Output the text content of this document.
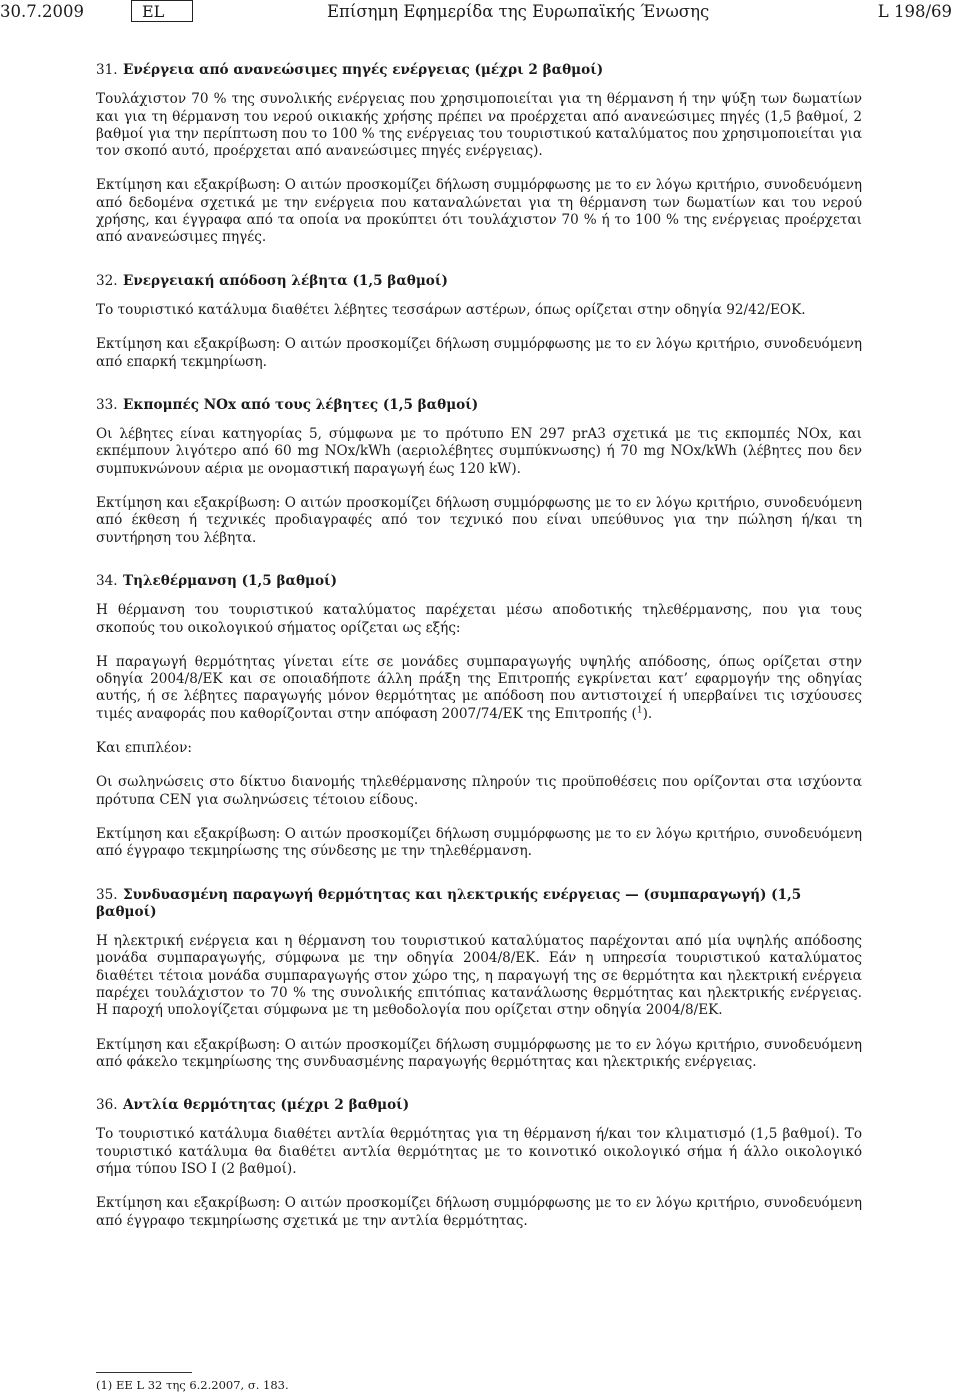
30.7.2009	EL	Επίσημη Εφημερίδα της Ευρωπαϊκής Ένωσης	L 198/69
31. Ενέργεια από ανανεώσιμες πηγές ενέργειας (μέχρι 2 βαθμοί)

Τουλάχιστον 70 % της συνολικής ενέργειας που χρησιμοποιείται για τη θέρμανση ή την ψύξη των δωματίων και για τη θέρμανση του νερού οικιακής χρήσης πρέπει να προέρχεται από ανανεώσιμες πηγές (1,5 βαθμοί, 2 βαθμοί για την περίπτωση που το 100 % της ενέργειας του τουριστικού καταλύματος που χρησιμοποιείται για τον σκοπό αυτό, προέρχεται από ανανεώσιμες πηγές ενέργειας).

Εκτίμηση και εξακρίβωση: Ο αιτών προσκομίζει δήλωση συμμόρφωσης με το εν λόγω κριτήριο, συνοδευόμενη από δεδομένα σχετικά με την ενέργεια που καταναλώνεται για τη θέρμανση των δωματίων και του νερού χρήσης, και έγγραφα από τα οποία να προκύπτει ότι τουλάχιστον 70 % ή το 100 % της ενέργειας προέρχεται από ανανεώσιμες πηγές.

32. Ενεργειακή απόδοση λέβητα (1,5 βαθμοί)

Το τουριστικό κατάλυμα διαθέτει λέβητες τεσσάρων αστέρων, όπως ορίζεται στην οδηγία 92/42/ΕΟΚ.

Εκτίμηση και εξακρίβωση: Ο αιτών προσκομίζει δήλωση συμμόρφωσης με το εν λόγω κριτήριο, συνοδευόμενη από επαρκή τεκμηρίωση.

33. Εκπομπές NOx από τους λέβητες (1,5 βαθμοί)

Οι λέβητες είναι κατηγορίας 5, σύμφωνα με το πρότυπο EN 297 prA3 σχετικά με τις εκπομπές NOx, και εκπέμπουν λιγότερο από 60 mg NOx/kWh (αεριολέβητες συμπύκνωσης) ή 70 mg NOx/kWh (λέβητες που δεν συμπυκνώνουν αέρια με ονομαστική παραγωγή έως 120 kW).

Εκτίμηση και εξακρίβωση: Ο αιτών προσκομίζει δήλωση συμμόρφωσης με το εν λόγω κριτήριο, συνοδευόμενη από έκθεση ή τεχνικές προδιαγραφές από τον τεχνικό που είναι υπεύθυνος για την πώληση ή/και τη συντήρηση του λέβητα.

34. Τηλεθέρμανση (1,5 βαθμοί)

Η θέρμανση του τουριστικού καταλύματος παρέχεται μέσω αποδοτικής τηλεθέρμανσης, που για τους σκοπούς του οικολογικού σήματος ορίζεται ως εξής:

Η παραγωγή θερμότητας γίνεται είτε σε μονάδες συμπαραγωγής υψηλής απόδοσης, όπως ορίζεται στην οδηγία 2004/8/ΕΚ και σε οποιαδήποτε άλλη πράξη της Επιτροπής εγκρίνεται κατ’ εφαρμογήν της οδηγίας αυτής, ή σε λέβητες παραγωγής μόνον θερμότητας με απόδοση που αντιστοιχεί ή υπερβαίνει τις ισχύουσες τιμές αναφοράς που καθορίζονται στην απόφαση 2007/74/ΕΚ της Επιτροπής ($^1$).

Και επιπλέον:

Οι σωληνώσεις στο δίκτυο διανομής τηλεθέρμανσης πληρούν τις προϋποθέσεις που ορίζονται στα ισχύοντα πρότυπα CEN για σωληνώσεις τέτοιου είδους.

Εκτίμηση και εξακρίβωση: Ο αιτών προσκομίζει δήλωση συμμόρφωσης με το εν λόγω κριτήριο, συνοδευόμενη από έγγραφο τεκμηρίωσης της σύνδεσης με την τηλεθέρμανση.

35. Συνδυασμένη παραγωγή θερμότητας και ηλεκτρικής ενέργειας — (συμπαραγωγή) (1,5 βαθμοί)

Η ηλεκτρική ενέργεια και η θέρμανση του τουριστικού καταλύματος παρέχονται από μία υψηλής απόδοσης μονάδα συμπαραγωγής, σύμφωνα με την οδηγία 2004/8/ΕΚ. Εάν η υπηρεσία τουριστικού καταλύματος διαθέτει τέτοια μονάδα συμπαραγωγής στον χώρο της, η παραγωγή της σε θερμότητα και ηλεκτρική ενέργεια παρέχει τουλάχιστον το 70 % της συνολικής επιτόπιας κατανάλωσης θερμότητας και ηλεκτρικής ενέργειας. Η παροχή υπολογίζεται σύμφωνα με τη μεθοδολογία που ορίζεται στην οδηγία 2004/8/ΕΚ.

Εκτίμηση και εξακρίβωση: Ο αιτών προσκομίζει δήλωση συμμόρφωσης με το εν λόγω κριτήριο, συνοδευόμενη από φάκελο τεκμηρίωσης της συνδυασμένης παραγωγής θερμότητας και ηλεκτρικής ενέργειας.

36. Αντλία θερμότητας (μέχρι 2 βαθμοί)

Το τουριστικό κατάλυμα διαθέτει αντλία θερμότητας για τη θέρμανση ή/και τον κλιματισμό (1,5 βαθμοί). Το τουριστικό κατάλυμα θα διαθέτει αντλία θερμότητας με το κοινοτικό οικολογικό σήμα ή άλλο οικολογικό σήμα τύπου ISO I (2 βαθμοί).

Εκτίμηση και εξακρίβωση: Ο αιτών προσκομίζει δήλωση συμμόρφωσης με το εν λόγω κριτήριο, συνοδευόμενη από έγγραφο τεκμηρίωσης σχετικά με την αντλία θερμότητας.

(1) ΕΕ L 32 της 6.2.2007, σ. 183.
